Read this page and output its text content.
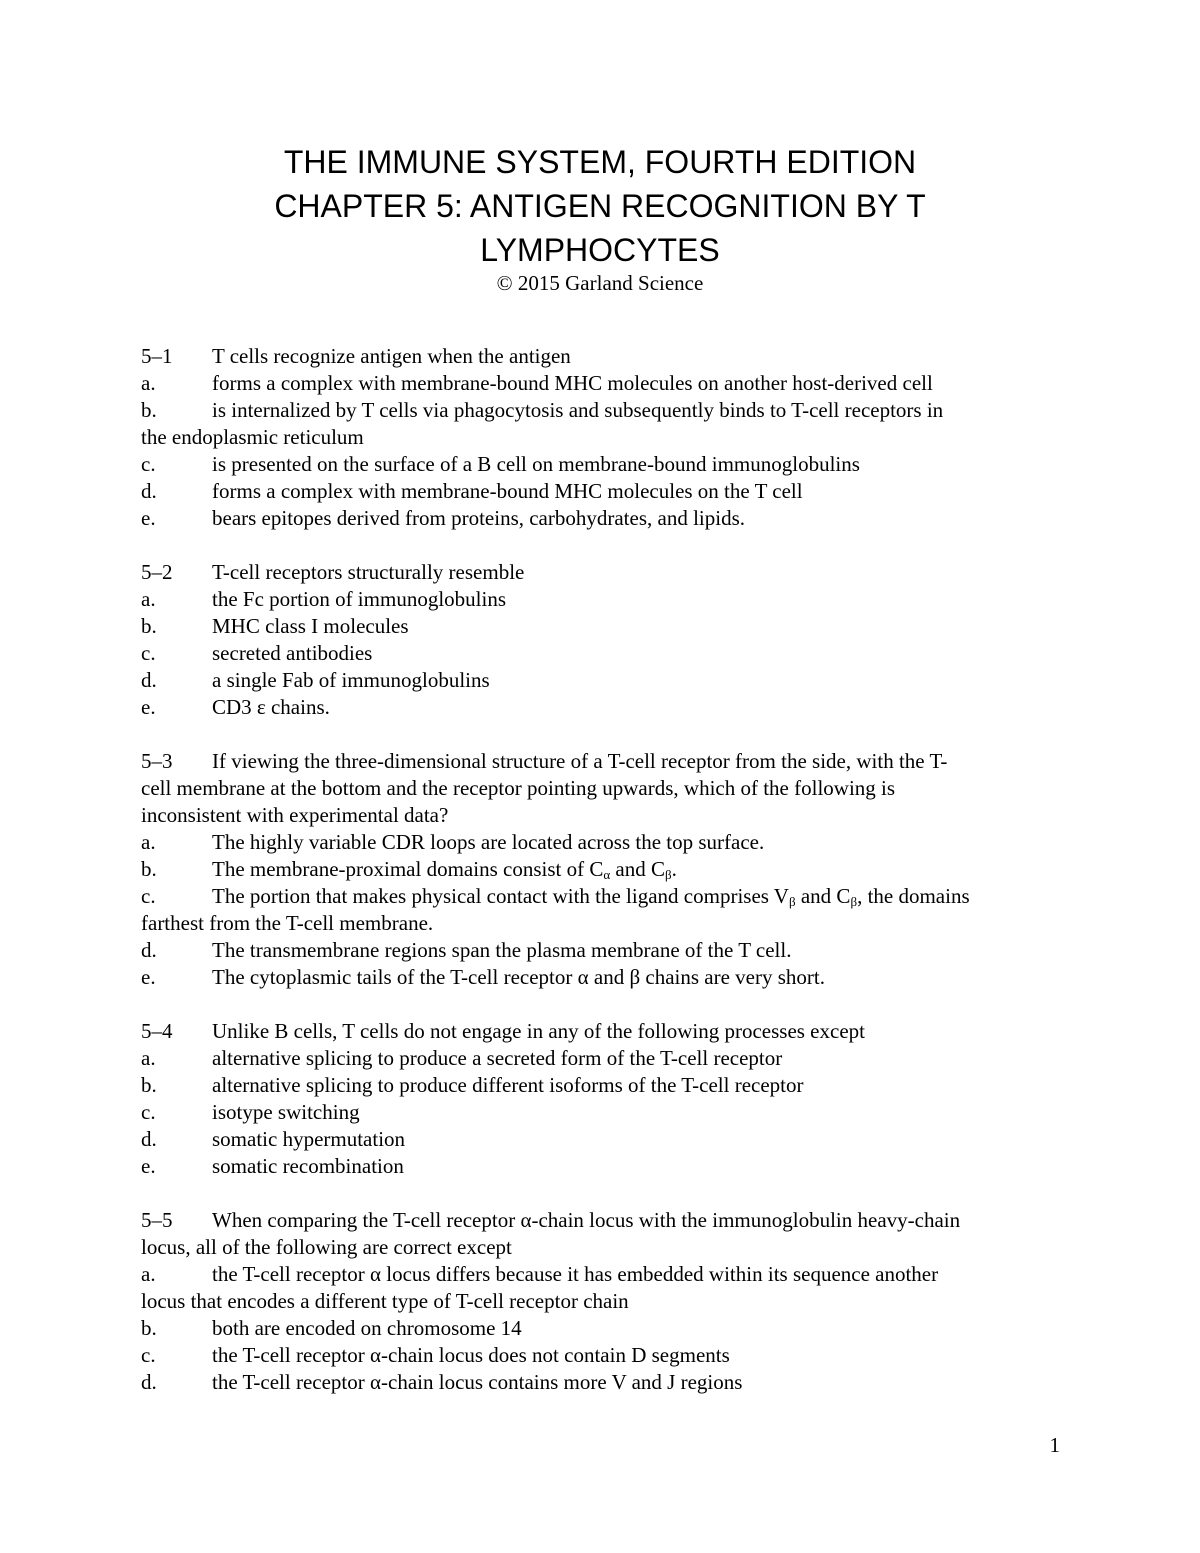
THE IMMUNE SYSTEM, FOURTH EDITION
CHAPTER 5: ANTIGEN RECOGNITION BY T
LYMPHOCYTES
© 2015 Garland Science
5–1 T cells recognize antigen when the antigen
a.	forms a complex with membrane-bound MHC molecules on another host-derived cell
b.	is internalized by T cells via phagocytosis and subsequently binds to T-cell receptors in
the endoplasmic reticulum
c.	is presented on the surface of a B cell on membrane-bound immunoglobulins
d.	forms a complex with membrane-bound MHC molecules on the T cell
e.	bears epitopes derived from proteins, carbohydrates, and lipids.
5–2 T-cell receptors structurally resemble
a.	the Fc portion of immunoglobulins
b.	MHC class I molecules
c.	secreted antibodies
d.	a single Fab of immunoglobulins
e.	CD3 ε chains.
5–3 If viewing the three-dimensional structure of a T-cell receptor from the side, with the T-
cell membrane at the bottom and the receptor pointing upwards, which of the following is
inconsistent with experimental data?
a.	The highly variable CDR loops are located across the top surface.
b.	The membrane-proximal domains consist of $C_\alpha$ and $C_\beta$.
c.	The portion that makes physical contact with the ligand comprises $V_\beta$ and $C_\beta$, the domains
farthest from the T-cell membrane.
d.	The transmembrane regions span the plasma membrane of the T cell.
e.	The cytoplasmic tails of the T-cell receptor α and β chains are very short.
5–4 Unlike B cells, T cells do not engage in any of the following processes except
a.	alternative splicing to produce a secreted form of the T-cell receptor
b.	alternative splicing to produce different isoforms of the T-cell receptor
c.	isotype switching
d.	somatic hypermutation
e.	somatic recombination
5–5 When comparing the T-cell receptor α-chain locus with the immunoglobulin heavy-chain
locus, all of the following are correct except
a.	the T-cell receptor α locus differs because it has embedded within its sequence another
locus that encodes a different type of T-cell receptor chain
b.	both are encoded on chromosome 14
c.	the T-cell receptor α-chain locus does not contain D segments
d.	the T-cell receptor α-chain locus contains more V and J regions
1
